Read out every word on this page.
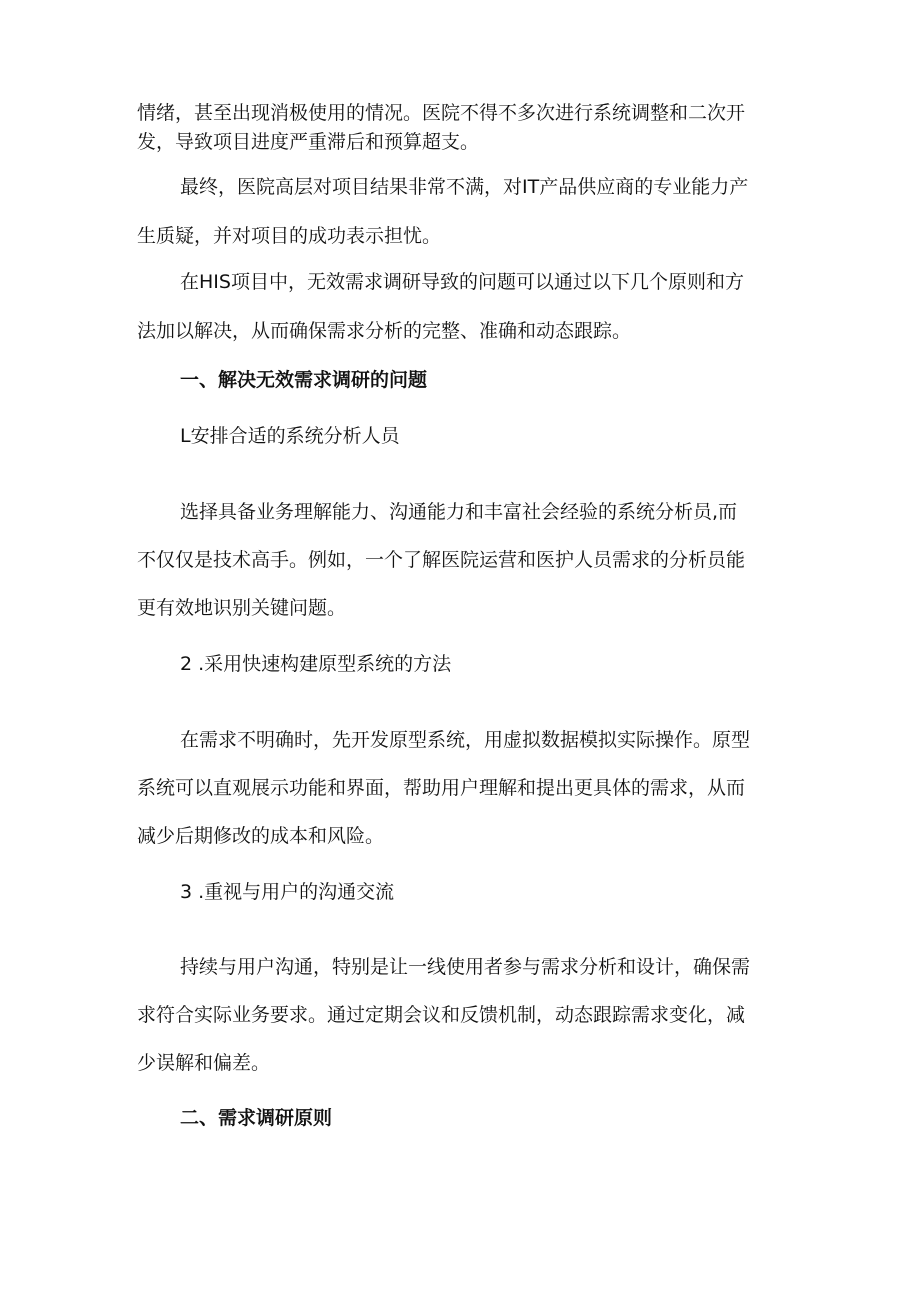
情绪，甚至出现消极使用的情况。医院不得不多次进行系统调整和二次开
发，导致项目进度严重滞后和预算超支。
最终，医院高层对项目结果非常不满，对IT产品供应商的专业能力产
生质疑，并对项目的成功表示担忧。
在HIS项目中，无效需求调研导致的问题可以通过以下几个原则和方
法加以解决，从而确保需求分析的完整、准确和动态跟踪。
一、解决无效需求调研的问题
L安排合适的系统分析人员
选择具备业务理解能力、沟通能力和丰富社会经验的系统分析员,而
不仅仅是技术高手。例如，一个了解医院运营和医护人员需求的分析员能
更有效地识别关键问题。
2 .采用快速构建原型系统的方法
在需求不明确时，先开发原型系统，用虚拟数据模拟实际操作。原型
系统可以直观展示功能和界面，帮助用户理解和提出更具体的需求，从而
减少后期修改的成本和风险。
3 .重视与用户的沟通交流
持续与用户沟通，特别是让一线使用者参与需求分析和设计，确保需
求符合实际业务要求。通过定期会议和反馈机制，动态跟踪需求变化，减
少误解和偏差。
二、需求调研原则
